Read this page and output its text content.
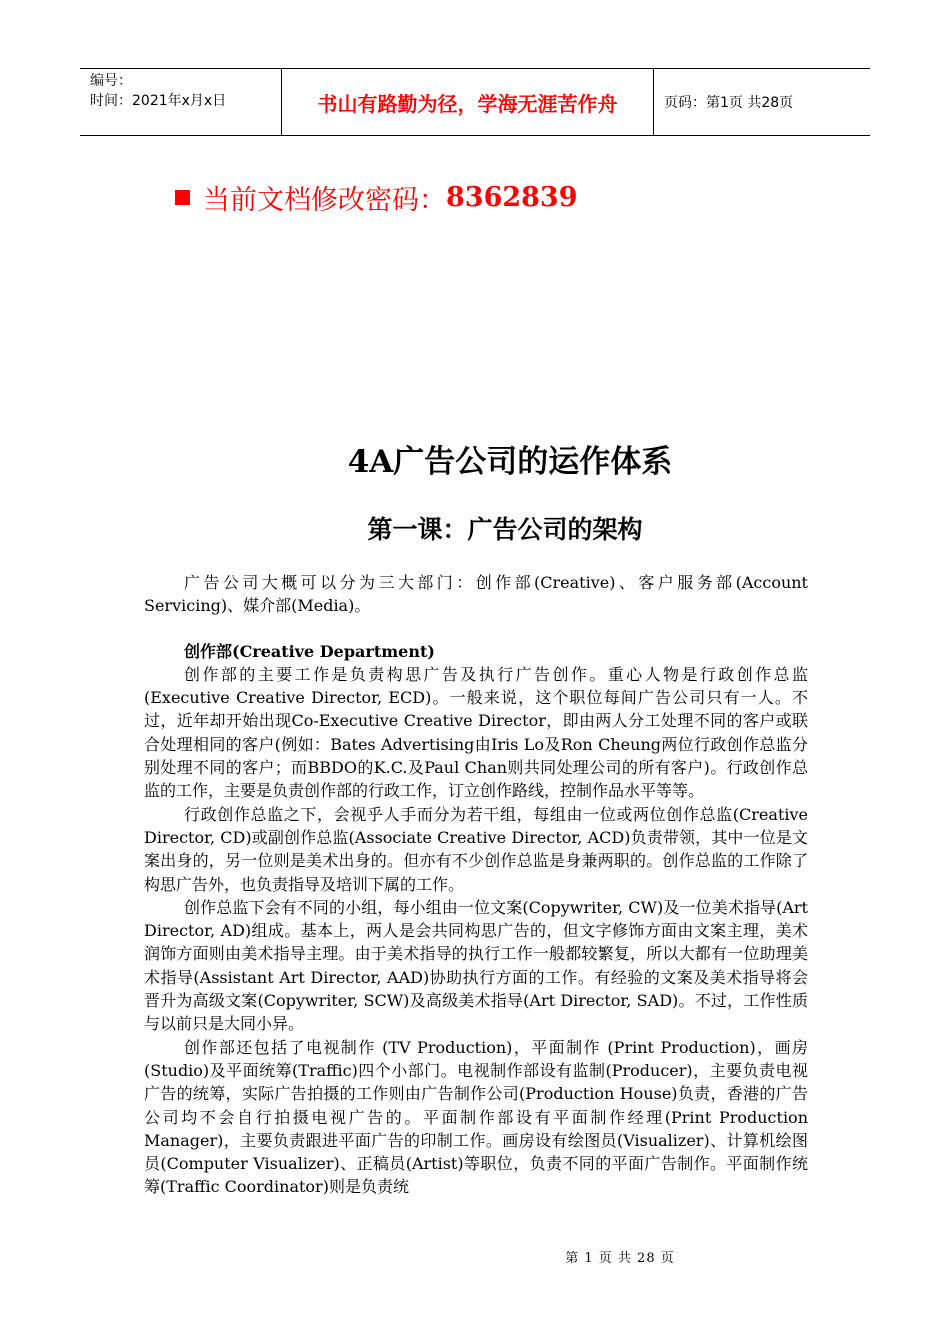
编号：
时间：2021年x月x日	书山有路勤为径，学海无涯苦作舟	页码：第1页 共28页
当前文档修改密码： 8362839
4A广告公司的运作体系
第一课：广告公司的架构

广告公司大概可以分为三大部门：创作部(Creative)、客户服务部(Account Servicing)、媒介部(Media)。

创作部(Creative Department)

创作部的主要工作是负责构思广告及执行广告创作。重心人物是行政创作总监(Executive Creative Director, ECD)。一般来说，这个职位每间广告公司只有一人。不过，近年却开始出现Co-Executive Creative Director，即由两人分工处理不同的客户或联合处理相同的客户(例如：Bates Advertising由Iris Lo及Ron Cheung两位行政创作总监分别处理不同的客户；而BBDO的K.C.及Paul Chan则共同处理公司的所有客户)。行政创作总监的工作，主要是负责创作部的行政工作，订立创作路线，控制作品水平等等。

行政创作总监之下，会视乎人手而分为若干组，每组由一位或两位创作总监(Creative Director, CD)或副创作总监(Associate Creative Director, ACD)负责带领，其中一位是文案出身的，另一位则是美术出身的。但亦有不少创作总监是身兼两职的。创作总监的工作除了构思广告外，也负责指导及培训下属的工作。

创作总监下会有不同的小组，每小组由一位文案(Copywriter, CW)及一位美术指导(Art Director, AD)组成。基本上，两人是会共同构思广告的，但文字修饰方面由文案主理，美术润饰方面则由美术指导主理。由于美术指导的执行工作一般都较繁复，所以大都有一位助理美术指导(Assistant Art Director, AAD)协助执行方面的工作。有经验的文案及美术指导将会晋升为高级文案(Copywriter, SCW)及高级美术指导(Art Director, SAD)。不过，工作性质与以前只是大同小异。

创作部还包括了电视制作 (TV Production)，平面制作 (Print Production)，画房(Studio)及平面统筹(Traffic)四个小部门。电视制作部设有监制(Producer)，主要负责电视广告的统筹，实际广告拍摄的工作则由广告制作公司(Production House)负责，香港的广告公司均不会自行拍摄电视广告的。平面制作部设有平面制作经理(Print Production Manager)，主要负责跟进平面广告的印制工作。画房设有绘图员(Visualizer)、计算机绘图员(Computer Visualizer)、正稿员(Artist)等职位，负责不同的平面广告制作。平面制作统筹(Traffic Coordinator)则是负责统

第 1 页 共 28 页
